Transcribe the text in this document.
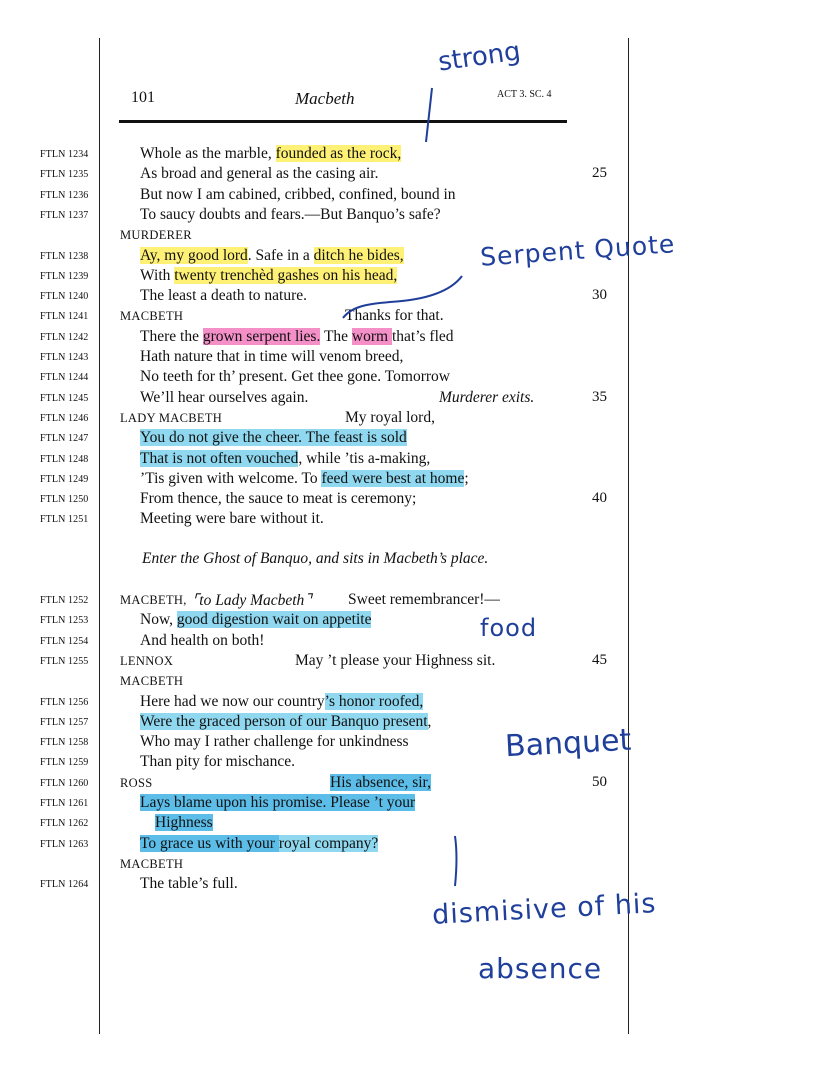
101	Macbeth	ACT 3. SC. 4
FTLN 1234	Whole as the marble, founded as the rock,
FTLN 1235	As broad and general as the casing air.	25
FTLN 1236	But now I am cabined, cribbed, confined, bound in
FTLN 1237	To saucy doubts and fears.—But Banquo’s safe?
MURDERER
FTLN 1238	Ay, my good lord. Safe in a ditch he bides,
FTLN 1239	With twenty trenchèd gashes on his head,
FTLN 1240	The least a death to nature.	30
FTLN 1241	MACBETH	Thanks for that.
FTLN 1242	There the grown serpent lies. The worm that’s fled
FTLN 1243	Hath nature that in time will venom breed,
FTLN 1244	No teeth for th’ present. Get thee gone. Tomorrow
FTLN 1245	We’ll hear ourselves again.	Murderer exits.	35
FTLN 1246	LADY MACBETH	My royal lord,
FTLN 1247	You do not give the cheer. The feast is sold
FTLN 1248	That is not often vouched, while ’tis a-making,
FTLN 1249	’Tis given with welcome. To feed were best at home;
FTLN 1250	From thence, the sauce to meat is ceremony;	40
FTLN 1251	Meeting were bare without it.
Enter the Ghost of Banquo, and sits in Macbeth’s place.
FTLN 1252	MACBETH, ⌜to Lady Macbeth⌝ Sweet remembrancer!—
FTLN 1253	Now, good digestion wait on appetite
FTLN 1254	And health on both!
FTLN 1255	LENNOX	May ’t please your Highness sit.	45
MACBETH
FTLN 1256	Here had we now our country’s honor roofed,
FTLN 1257	Were the graced person of our Banquo present,
FTLN 1258	Who may I rather challenge for unkindness
FTLN 1259	Than pity for mischance.
FTLN 1260	ROSS	His absence, sir,	50
FTLN 1261	Lays blame upon his promise. Please ’t your
FTLN 1262	Highness
FTLN 1263	To grace us with your royal company?
MACBETH
FTLN 1264	The table’s full.
strong
Serpent Quote
food
Banquet
dismisive of his
absence
